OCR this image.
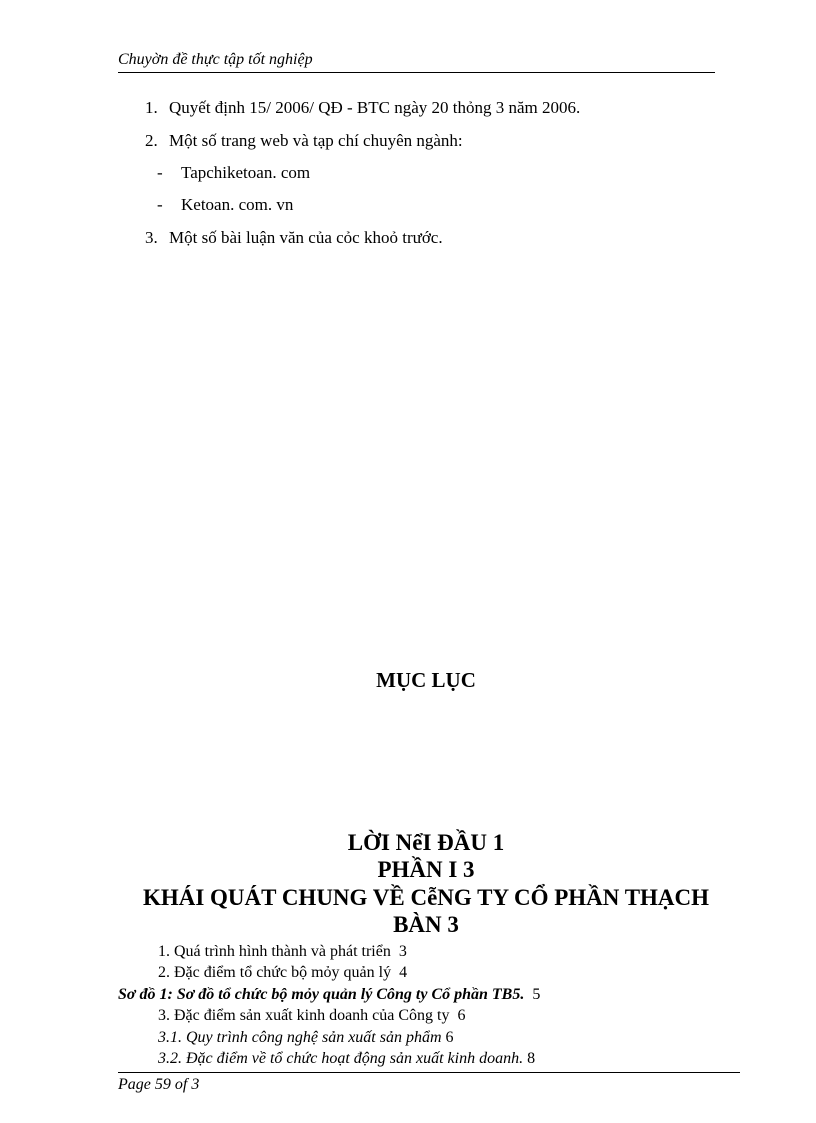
Chuyờn đề thực tập tốt nghiệp
1. Quyết định 15/ 2006/ QĐ - BTC ngày 20 thỏng 3 năm 2006.
2. Một số trang web và tạp chí chuyên ngành:
- Tapchiketoan. com
- Ketoan. com. vn
3. Một số bài luận văn của cỏc khoỏ trước.
MỤC LỤC
LỜI NểI ĐẦU 1
PHẦN I 3
KHÁI QUÁT CHUNG VỀ CễNG TY CỔ PHẦN THẠCH
BÀN 3
1. Quá trình hình thành và phát triển 3
2. Đặc điểm tổ chức bộ mỏy quản lý 4
Sơ đồ 1: Sơ đồ tổ chức bộ mỏy quản lý Công ty Cổ phần TB5. 5
3. Đặc điểm sản xuất kinh doanh của Công ty 6
3.1. Quy trình công nghệ sản xuất sản phẩm 6
3.2. Đặc điểm về tổ chức hoạt động sản xuất kinh doanh. 8
Page 59 of 3
